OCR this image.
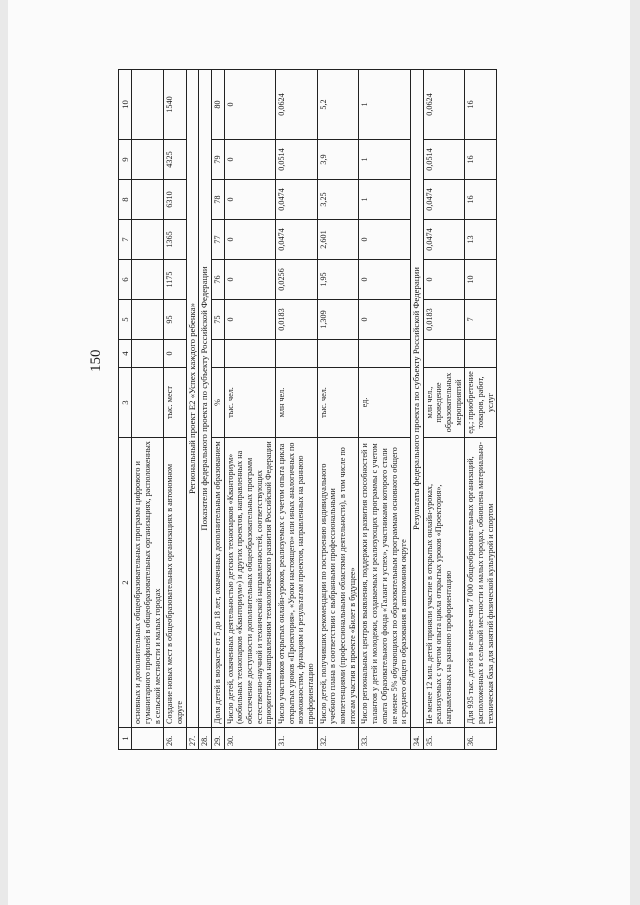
150
1	2	3	4	5	6	7	8	9	10
	основных и дополнительных общеобразовательных программ цифрового и гуманитарного профилей в общеобразовательных организациях, расположенных в сельской местности и малых городах								
26.	Создание новых мест в общеобразовательных организациях в автономном округе	тыс. мест	0	95	1175	1365	6310	4325	1540
27.	Региональный проект Е2 «Успех каждого ребенка»								
28.	Показатели федерального проекта по субъекту Российской Федерации								
29.	Доля детей в возрасте от 5 до 18 лет, охваченных дополнительным образованием	%		75	76	77	78	79	80
30.	Число детей, охваченных деятельностью детских технопарков «Кванториум» (мобильных технопарков «Кванториум») и других проектов, направленных на обеспечение доступности дополнительных общеобразовательных программ естественно-научной и технической направленностей, соответствующих приоритетным направлениям технологического развития Российской Федерации	тыс. чел.		0	0	0	0	0	0
31.	Число участников открытых онлайн-уроков, реализуемых с учетом опыта цикла открытых уроков «Проектория», «Уроки настоящего» или иных аналогичных по возможностям, функциям и результатам проектов, направленных на раннюю профориентацию	млн чел.		0,0183	0,0256	0,0474	0,0474	0,0514	0,0624
32.	Число детей, получивших рекомендации по построению индивидуального учебного плана в соответствии с выбранными профессиональными компетенциями (профессиональными областями деятельности), в том числе по итогам участия в проекте «Билет в будущее»	тыс. чел.		1,309	1,95	2,601	3,25	3,9	5,2
33.	Число региональных центров выявления, поддержки и развития способностей и талантов у детей и молодежи, создаваемых и реализующих программы с учетом опыта Образовательного фонда «Талант и успех», участниками которого стали не менее 5% обучающихся по образовательным программам основного общего и среднего общего образования в автономном округе	ед.		0	0	0	1	1	1
34.	Результаты федерального проекта по субъекту Российской Федерации								
35.	Не менее 12 млн. детей приняли участие в открытых онлайн-уроках, реализуемых с учетом опыта цикла открытых уроков «Проектория», направленных на раннюю профориентацию	млн чел., проведение образовательных мероприятий		0,0183	0	0,0474	0,0474	0,0514	0,0624
36.	Для 935 тыс. детей в не менее чем 7 000 общеобразовательных организаций, расположенных в сельской местности и малых городах, обновлена материально-техническая база для занятий физической культурой и спортом	ед.; приобретение товаров, работ, услуг		7	10	13	16	16	16
